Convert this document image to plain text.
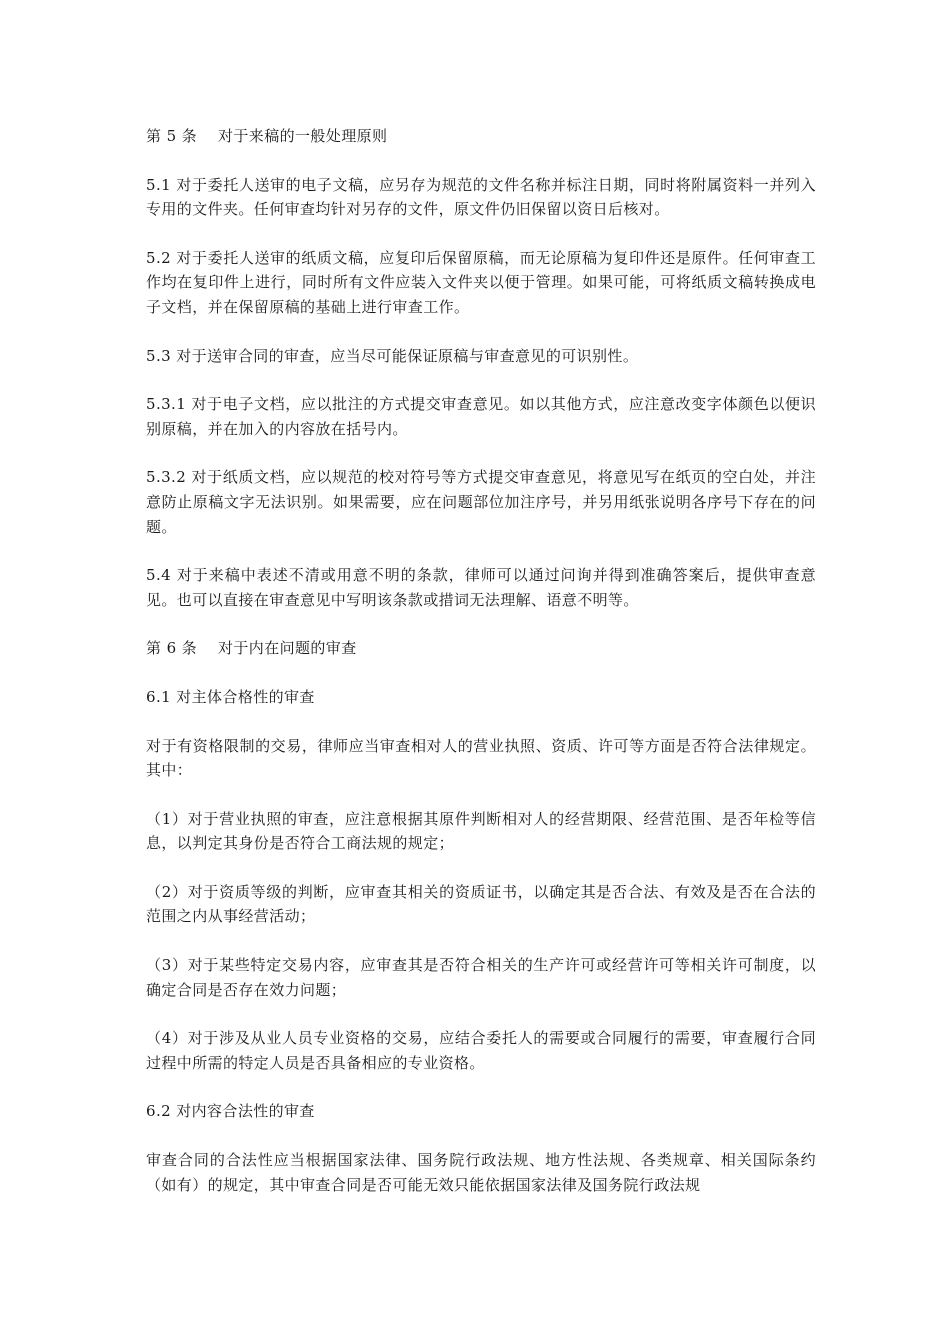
第 5 条 对于来稿的一般处理原则

5.1 对于委托人送审的电子文稿，应另存为规范的文件名称并标注日期，同时将附属资料一并列入专用的文件夹。任何审查均针对另存的文件，原文件仍旧保留以资日后核对。

5.2 对于委托人送审的纸质文稿，应复印后保留原稿，而无论原稿为复印件还是原件。任何审查工作均在复印件上进行，同时所有文件应装入文件夹以便于管理。如果可能，可将纸质文稿转换成电子文档，并在保留原稿的基础上进行审查工作。

5.3 对于送审合同的审查，应当尽可能保证原稿与审查意见的可识别性。

5.3.1 对于电子文档，应以批注的方式提交审查意见。如以其他方式，应注意改变字体颜色以便识别原稿，并在加入的内容放在括号内。

5.3.2 对于纸质文档，应以规范的校对符号等方式提交审查意见，将意见写在纸页的空白处，并注意防止原稿文字无法识别。如果需要，应在问题部位加注序号，并另用纸张说明各序号下存在的问题。

5.4 对于来稿中表述不清或用意不明的条款，律师可以通过问询并得到准确答案后，提供审查意见。也可以直接在审查意见中写明该条款或措词无法理解、语意不明等。

第 6 条 对于内在问题的审查

6.1 对主体合格性的审查

对于有资格限制的交易，律师应当审查相对人的营业执照、资质、许可等方面是否符合法律规定。其中：

（1）对于营业执照的审查，应注意根据其原件判断相对人的经营期限、经营范围、是否年检等信息，以判定其身份是否符合工商法规的规定；

（2）对于资质等级的判断，应审查其相关的资质证书，以确定其是否合法、有效及是否在合法的范围之内从事经营活动；

（3）对于某些特定交易内容，应审查其是否符合相关的生产许可或经营许可等相关许可制度，以确定合同是否存在效力问题；

（4）对于涉及从业人员专业资格的交易，应结合委托人的需要或合同履行的需要，审查履行合同过程中所需的特定人员是否具备相应的专业资格。

6.2 对内容合法性的审查

审查合同的合法性应当根据国家法律、国务院行政法规、地方性法规、各类规章、相关国际条约（如有）的规定，其中审查合同是否可能无效只能依据国家法律及国务院行政法规
